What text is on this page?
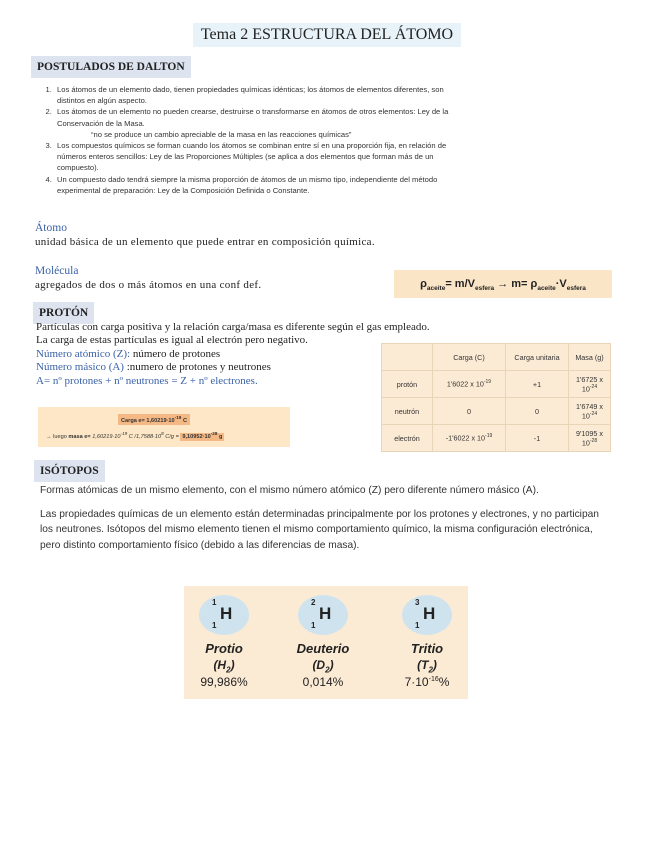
Tema 2 ESTRUCTURA DEL ÁTOMO
POSTULADOS DE DALTON
1. Los átomos de un elemento dado, tienen propiedades químicas idénticas; los átomos de elementos diferentes, son distintos en algún aspecto.
2. Los átomos de un elemento no pueden crearse, destruirse o transformarse en átomos de otros elementos: Ley de la Conservación de la Masa.
“no se produce un cambio apreciable de la masa en las reacciones químicas”
3. Los compuestos químicos se forman cuando los átomos se combinan entre sí en una proporción fija, en relación de números enteros sencillos: Ley de las Proporciones Múltiples (se aplica a dos elementos que forman más de un compuesto).
4. Un compuesto dado tendrá siempre la misma proporción de átomos de un mismo tipo, independiente del método experimental de preparación: Ley de la Composición Definida o Constante.
Átomo
unidad básica de un elemento que puede entrar en composición química.
Molécula
agregados de dos o más átomos en una conf def.	$\rho_{aceite}= m/V_{esfera} \to m= \rho_{aceite}\cdot V_{esfera}$
PROTÓN
Partículas con carga positiva y la relación carga/masa es diferente según el gas empleado.
La carga de estas partículas es igual al electrón pero negativo.
Número atómico (Z): número de protones
Número másico (A) :numero de protones y neutrones
A= nº protones + nº neutrones = Z + nº electrones.
	Carga (C)	Carga unitaria	Masa (g)
protón	1'6022 x $10^{-19}$	+1	1'6725 x $10^{-24}$
neutrón	0	0	1'6749 x $10^{-24}$
electrón	-1'6022 x $10^{-19}$	-1	9'1095 x $10^{-28}$
Carga $e= 1,60219\cdot 10^{-19}$ C
→ luego masa $e= 1,60219\cdot 10^{-19}$ C $/1,7588\cdot 10^8$ $C/g = 9,10952\cdot 10^{-28}$ g
ISÓTOPOS

Formas atómicas de un mismo elemento, con el mismo número atómico (Z) pero diferente número másico (A).

Las propiedades químicas de un elemento están determinadas principalmente por los protones y electrones, y no participan los neutrones. Isótopos del mismo elemento tienen el mismo comportamiento químico, la misma configuración electrónica, pero distinto comportamiento físico (debido a las diferencias de masa).

1
H
1
Protio
$(H_2)$
99,986%
2
H
1
Deuterio
$(D_2)$
0,014%
3
H
1
Tritio
$(T_2)$
$7\cdot 10^{-16}\%$
